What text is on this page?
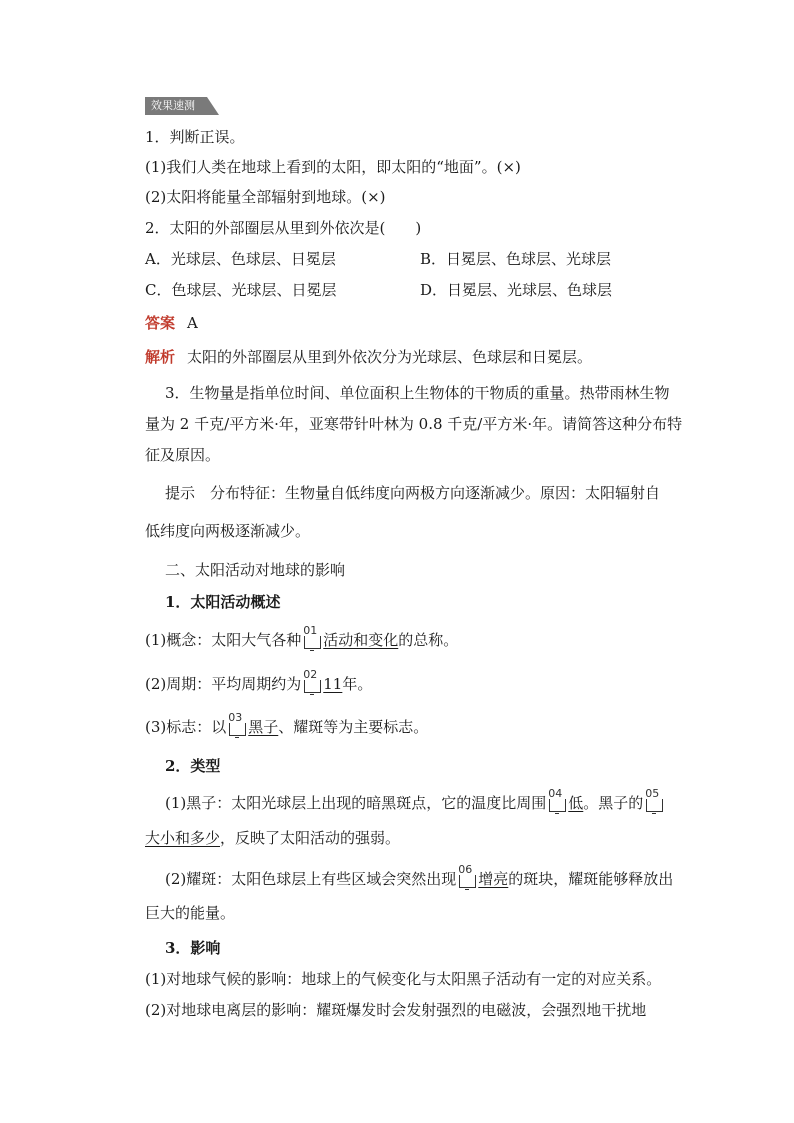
效果速测
1．判断正误。
(1)我们人类在地球上看到的太阳，即太阳的“地面”。(×)
(2)太阳将能量全部辐射到地球。(×)
2．太阳的外部圈层从里到外依次是(　　)
A．光球层、色球层、日冕层	B．日冕层、色球层、光球层
C．色球层、光球层、日冕层	D．日冕层、光球层、色球层
答案 A
解析 太阳的外部圈层从里到外依次分为光球层、色球层和日冕层。
3．生物量是指单位时间、单位面积上生物体的干物质的重量。热带雨林生物
量为 2 千克/平方米·年，亚寒带针叶林为 0.8 千克/平方米·年。请简答这种分布特
征及原因。
提示　分布特征：生物量自低纬度向两极方向逐渐减少。原因：太阳辐射自
低纬度向两极逐渐减少。
二、太阳活动对地球的影响
1．太阳活动概述
(1)概念：太阳大气各种
01
活动和变化的总称。
(2)周期：平均周期约为
02
11年。
(3)标志：以
03
黑子、耀斑等为主要标志。
2．类型
(1)黑子：太阳光球层上出现的暗黑斑点，它的温度比周围
04
低。黑子的
05
大小和多少，反映了太阳活动的强弱。
(2)耀斑：太阳色球层上有些区域会突然出现
06
增亮的斑块，耀斑能够释放出
巨大的能量。
3．影响
(1)对地球气候的影响：地球上的气候变化与太阳黑子活动有一定的对应关系。
(2)对地球电离层的影响：耀斑爆发时会发射强烈的电磁波，会强烈地干扰地
